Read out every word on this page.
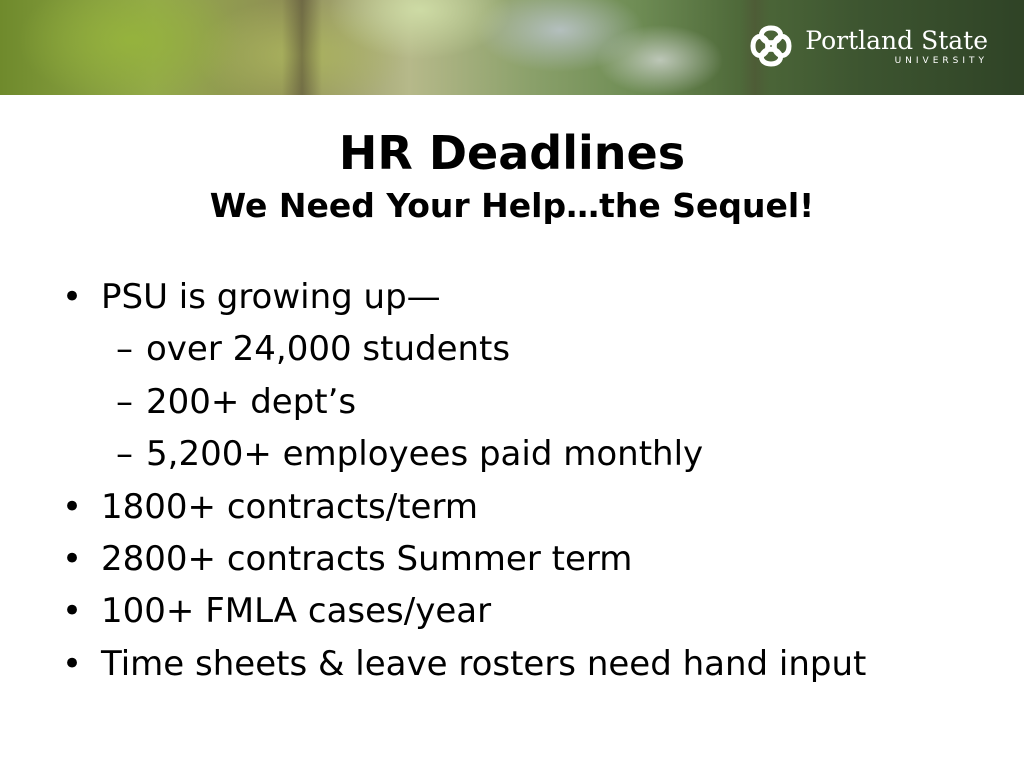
Portland State
UNIVERSITY
HR Deadlines
We Need Your Help…the Sequel!
• PSU is growing up—
– over 24,000 students
– 200+ dept’s
– 5,200+ employees paid monthly
• 1800+ contracts/term
• 2800+ contracts Summer term
• 100+ FMLA cases/year
• Time sheets & leave rosters need hand input
